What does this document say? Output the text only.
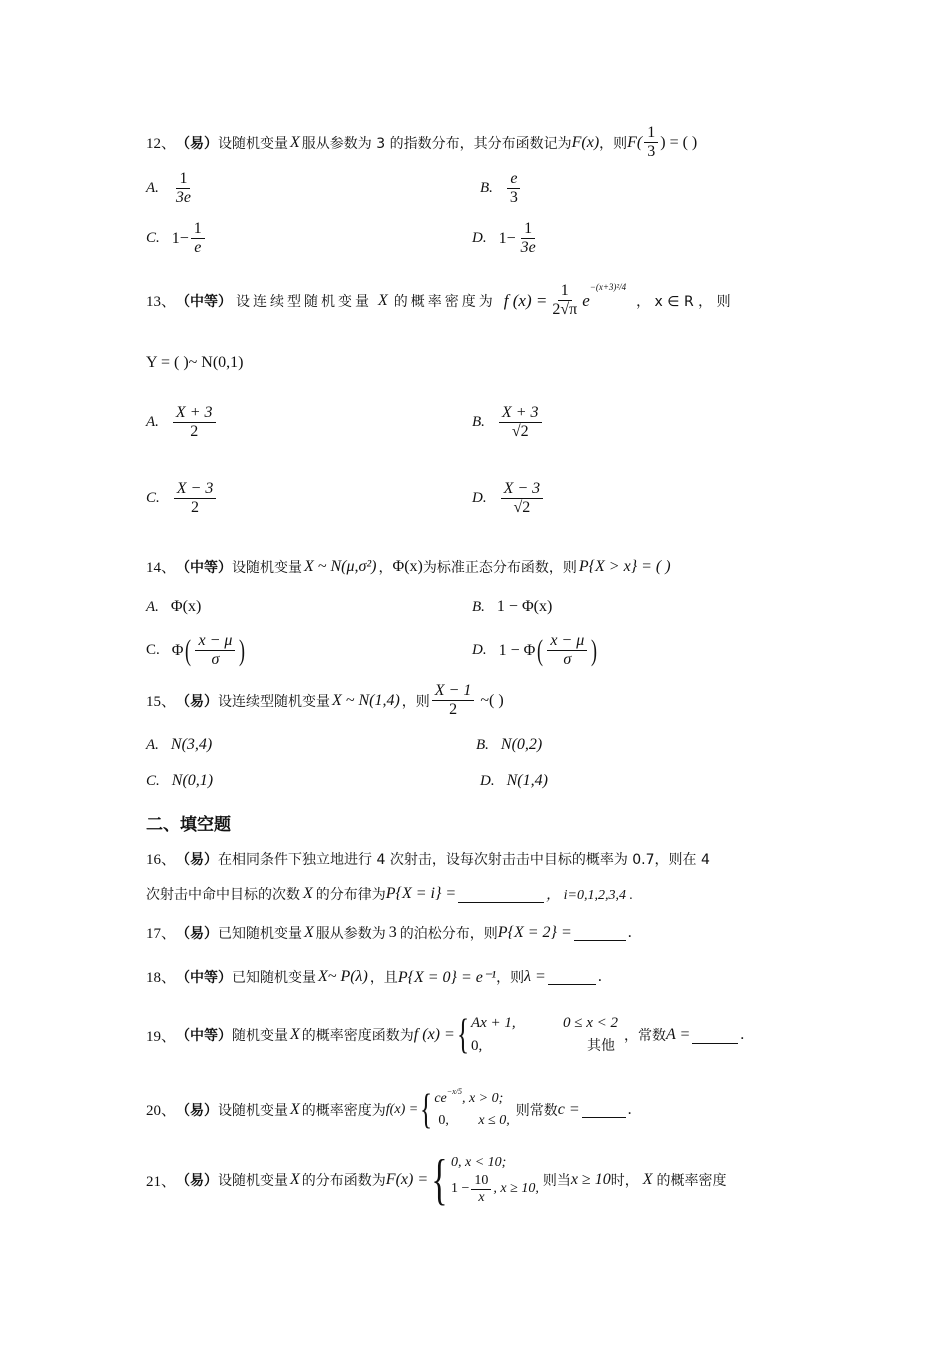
12、 （易） 设随机变量 X 服从参数为 3 的指数分布，其分布函数记为 F(x) ，则 $F( \frac{1}{3}$ ) = ( )
A. $\frac{1}{3e}$	B. $\frac{e}{3}$
C. $1- \frac{1}{e}$	D. $1- \frac{1}{3e}$
13、 （中等） 设连续型随机变量 X 的概率密度为 f $(x) = \frac{1}{2√\pi}$ e
−(x+3)²/4
， x ∈ R ， 则
Y = ( )~ N(0,1)
A. $\frac{X + 3}{2}$	B. $\frac{X + 3}{√2}$
C. $\frac{X - 3}{2}$	D. $\frac{X - 3}{√2}$
14、 （中等） 设随机变量 X ~ N(μ,σ²) ， Φ(x) 为标准正态分布函数，则 P{X > x} = ( )
A. Φ(x)	B. 1 − Φ(x)
C. Φ ( $\frac{x - \mu}{\sigma}$ )	D. 1 − Φ ( $\frac{x - \mu}{\sigma}$ )
15、 （易） 设连续型随机变量 X ~ N(1,4) ，则 $\frac{X - 1}{2}$ ~( )
A. N(3,4)	B. N(0,2)
C. N(0,1)	D. N(1,4)
二、填空题
16、 （易） 在相同条件下独立地进行 4 次射击，设每次射击击中目标的概率为 0.7，则在 4
次射击中命中目标的次数 X 的分布律为 P{X = i} =	， i=0,1,2,3,4 .
17、 （易） 已知随机变量 X 服从参数为 3 的泊松分布，则 P{X = 2} =	.
18、 （中等） 已知随机变量 X~ P(λ) ，且 P{X = 0} = e⁻¹ ，则 λ =	.
19、 （中等） 随机变量 X 的概率密度函数为 f (x) = { Ax + 1,	0 ≤ x < 2
0,	其他
，常数 A =	.
20、 （易） 设随机变量 X 的概率密度为 f(x) = { $ce^{-x/5}$, x > 0;
0, x ≤ 0,
则常数 c =	.
21、 （易） 设随机变量 X 的分布函数为 F(x) = { 0, x < 10;
$1 - \frac{10}{x}$ , x ≥ 10, 则当 x ≥ 10 时， X 的概率密度
